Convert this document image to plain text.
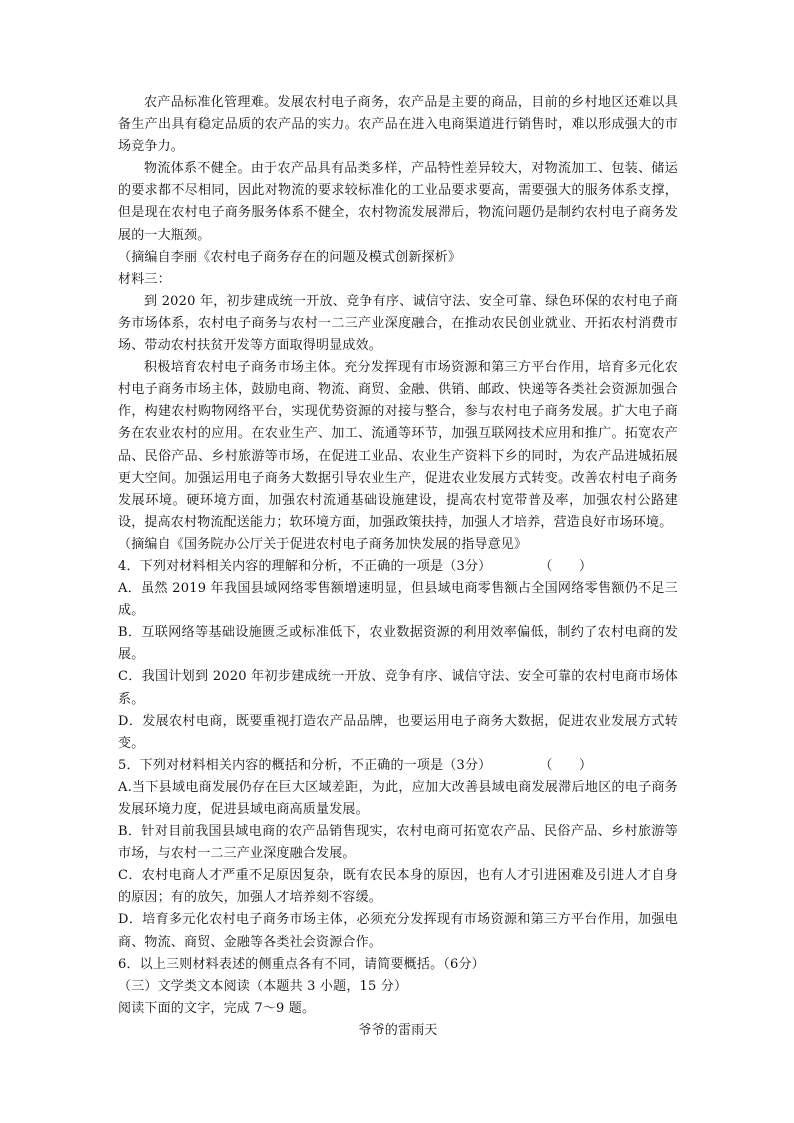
农产品标准化管理难。发展农村电子商务，农产品是主要的商品，目前的乡村地区还难以具备生产出具有稳定品质的农产品的实力。农产品在进入电商渠道进行销售时，难以形成强大的市场竞争力。

物流体系不健全。由于农产品具有品类多样，产品特性差异较大，对物流加工、包装、储运的要求都不尽相同，因此对物流的要求较标准化的工业品要求要高，需要强大的服务体系支撑，但是现在农村电子商务服务体系不健全，农村物流发展滞后，物流问题仍是制约农村电子商务发展的一大瓶颈。

（摘编自李丽《农村电子商务存在的问题及模式创新探析》

材料三：

到 2020 年，初步建成统一开放、竞争有序、诚信守法、安全可靠、绿色环保的农村电子商务市场体系，农村电子商务与农村一二三产业深度融合，在推动农民创业就业、开拓农村消费市场、带动农村扶贫开发等方面取得明显成效。

积极培育农村电子商务市场主体。充分发挥现有市场资源和第三方平台作用，培育多元化农村电子商务市场主体，鼓励电商、物流、商贸、金融、供销、邮政、快递等各类社会资源加强合作，构建农村购物网络平台，实现优势资源的对接与整合，参与农村电子商务发展。扩大电子商务在农业农村的应用。在农业生产、加工、流通等环节，加强互联网技术应用和推广。拓宽农产品、民俗产品、乡村旅游等市场，在促进工业品、农业生产资料下乡的同时，为农产品进城拓展更大空间。加强运用电子商务大数据引导农业生产，促进农业发展方式转变。改善农村电子商务发展环境。硬环境方面，加强农村流通基础设施建设，提高农村宽带普及率，加强农村公路建设，提高农村物流配送能力；软环境方面，加强政策扶持，加强人才培养，营造良好市场环境。

（摘编自《国务院办公厅关于促进农村电子商务加快发展的指导意见》

4．下列对材料相关内容的理解和分析，不正确的一项是（3分）	（　　）

A．虽然 2019 年我国县域网络零售额增速明显，但县域电商零售额占全国网络零售额仍不足三成。

B．互联网络等基础设施匮乏或标准低下，农业数据资源的利用效率偏低，制约了农村电商的发展。

C．我国计划到 2020 年初步建成统一开放、竞争有序、诚信守法、安全可靠的农村电商市场体系。

D．发展农村电商，既要重视打造农产品品牌，也要运用电子商务大数据，促进农业发展方式转变。

5．下列对材料相关内容的概括和分析，不正确的一项是（3分）	（　　）

A.当下县域电商发展仍存在巨大区域差距，为此，应加大改善县域电商发展滞后地区的电子商务发展环境力度，促进县域电商高质量发展。

B．针对目前我国县域电商的农产品销售现实，农村电商可拓宽农产品、民俗产品、乡村旅游等市场，与农村一二三产业深度融合发展。

C．农村电商人才严重不足原因复杂，既有农民本身的原因，也有人才引进困难及引进人才自身的原因；有的放矢，加强人才培养刻不容缓。

D．培育多元化农村电子商务市场主体，必须充分发挥现有市场资源和第三方平台作用，加强电商、物流、商贸、金融等各类社会资源合作。

6．以上三则材料表述的侧重点各有不同，请简要概括。（6分）

（三）文学类文本阅读（本题共 3 小题，15 分）

阅读下面的文字，完成 7～9 题。

爷爷的雷雨天
